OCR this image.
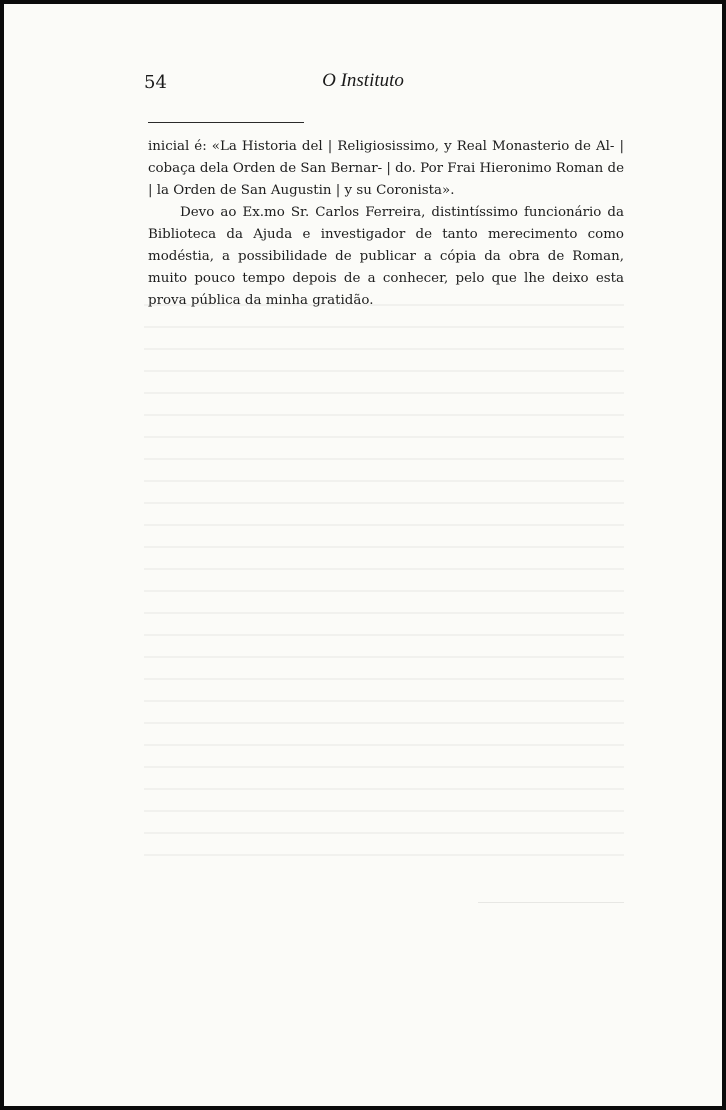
54	O Instituto

inicial é: «La Historia del | Religiosissimo, y Real Monasterio de Al- | cobaça dela Orden de San Bernar- | do. Por Frai Hieronimo Roman de | la Orden de San Augustin | y su Coronista».

Devo ao Ex.mo Sr. Carlos Ferreira, distintíssimo funcionário da Biblioteca da Ajuda e investigador de tanto merecimento como modéstia, a possibilidade de publicar a cópia da obra de Roman, muito pouco tempo depois de a conhecer, pelo que lhe deixo esta prova pública da minha gratidão.
